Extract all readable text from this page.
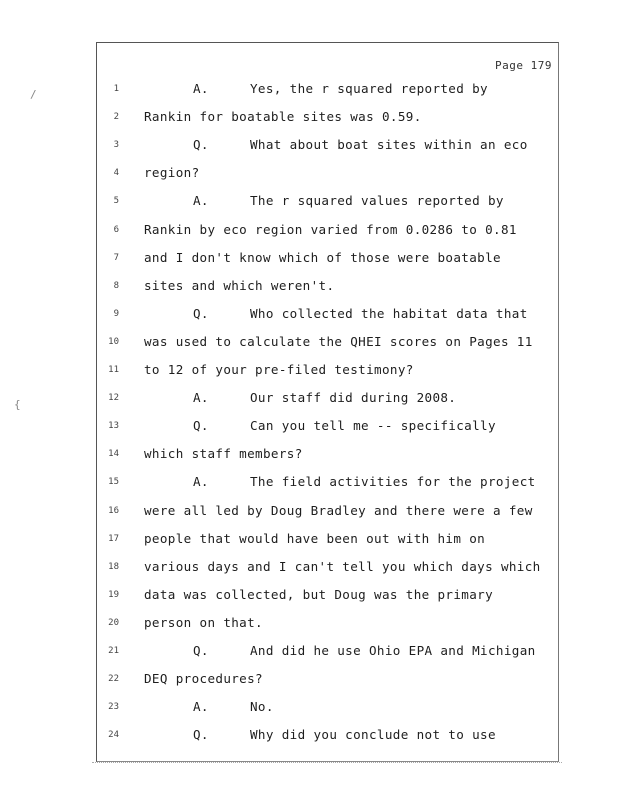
Page 179
1	A.	Yes, the r squared reported by
2 Rankin for boatable sites was 0.59.
3	Q.	What about boat sites within an eco
4 region?
5	A.	The r squared values reported by
6 Rankin by eco region varied from 0.0286 to 0.81
7 and I don't know which of those were boatable
8 sites and which weren't.
9	Q.	Who collected the habitat data that
10 was used to calculate the QHEI scores on Pages 11
11 to 12 of your pre-filed testimony?
12	A.	Our staff did during 2008.
13	Q.	Can you tell me -- specifically
14 which staff members?
15	A.	The field activities for the project
16 were all led by Doug Bradley and there were a few
17 people that would have been out with him on
18 various days and I can't tell you which days which
19 data was collected, but Doug was the primary
20 person on that.
21	Q.	And did he use Ohio EPA and Michigan
22 DEQ procedures?
23	A.	No.
24	Q.	Why did you conclude not to use
/
{
